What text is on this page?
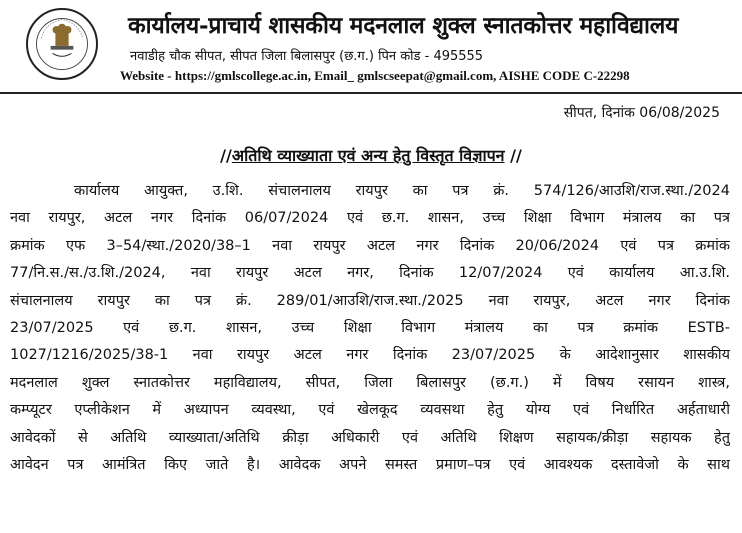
कार्यालय-प्राचार्य शासकीय मदनलाल शुक्ल स्नातकोत्तर महाविद्यालय
नवाडीह चौक सीपत, सीपत जिला बिलासपुर (छ.ग.) पिन कोड - 495555
Website - https://gmlscollege.ac.in, Email_ gmlscseepat@gmail.com, AISHE CODE C-22298
सीपत, दिनांक 06/08/2025
//अतिथि व्याख्याता एवं अन्य हेतु विस्तृत विज्ञापन //
कार्यालय आयुक्त, उ.शि. संचालनालय रायपुर का पत्र क्रं. 574/126/आउशि/राज.स्था./2024
नवा रायपुर, अटल नगर दिनांक 06/07/2024 एवं छ.ग. शासन, उच्च शिक्षा विभाग मंत्रालय का पत्र
क्रमांक एफ 3–54/स्था./2020/38–1 नवा रायपुर अटल नगर दिनांक 20/06/2024 एवं पत्र क्रमांक
77/नि.स./स./उ.शि./2024, नवा रायपुर अटल नगर, दिनांक 12/07/2024 एवं कार्यालय आ.उ.शि.
संचालनालय रायपुर का पत्र क्रं. 289/01/आउशि/राज.स्था./2025 नवा रायपुर, अटल नगर दिनांक
23/07/2025 एवं छ.ग. शासन, उच्च शिक्षा विभाग मंत्रालय का पत्र क्रमांक ESTB-
1027/1216/2025/38-1 नवा रायपुर अटल नगर दिनांक 23/07/2025 के आदेशानुसार शासकीय
मदनलाल शुक्ल स्नातकोत्तर महाविद्यालय, सीपत, जिला बिलासपुर (छ.ग.) में विषय रसायन शास्त्र,
कम्प्यूटर एप्लीकेशन में अध्यापन व्यवस्था, एवं खेलकूद व्यवसथा हेतु योग्य एवं निर्धारित अर्हताधारी
आवेदकों से अतिथि व्याख्याता/अतिथि क्रीड़ा अधिकारी एवं अतिथि शिक्षण सहायक/क्रीड़ा सहायक हेतु
आवेदन पत्र आमंत्रित किए जाते है। आवेदक अपने समस्त प्रमाण–पत्र एवं आवश्यक दस्तावेजो के साथ
